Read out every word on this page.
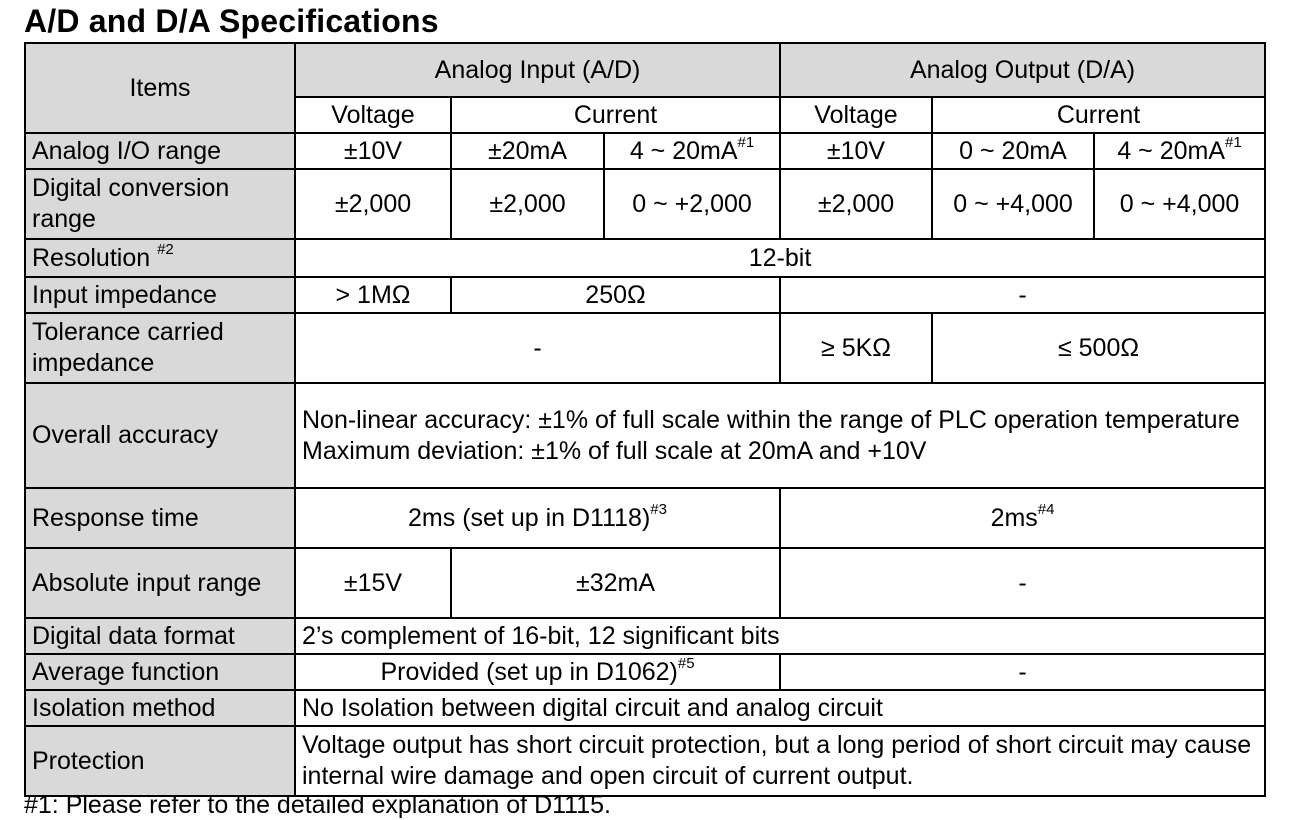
A/D and D/A Specifications
Items	Analog Input (A/D)			Analog Output (D/A)		
	Voltage	Current		Voltage	Current	
Analog I/O range	±10V	±20mA	4 ~ $20mA^{\#1}$	±10V	0 ~ 20mA	4 ~ $20mA^{\#1}$
Digital conversion range	±2,000	±2,000	0 ~ +2,000	±2,000	0 ~ +4,000	0 ~ +4,000
Resolution $^{\#2}$	12-bit					
Input impedance	> 1MΩ	250Ω		-		
Tolerance carried impedance	-			≥ 5KΩ	≤ 500Ω	
Overall accuracy	Non-linear accuracy: ±1% of full scale within the range of PLC operation temperature
Maximum deviation: ±1% of full scale at 20mA and +10V					

Response time	2ms (set up in D1118)$^{\#3}$			$2ms^{\#4}$
Absolute input range	±15V	±32mA		-		
Digital data format	2’s complement of 16-bit, 12 significant bits					
Average function	Provided (set up in D1062)$^{\#5}$			-		
Isolation method	No Isolation between digital circuit and analog circuit					
Protection	Voltage output has short circuit protection, but a long period of short circuit may cause internal wire damage and open circuit of current output.					
#1: Please refer to the detailed explanation of D1115.
